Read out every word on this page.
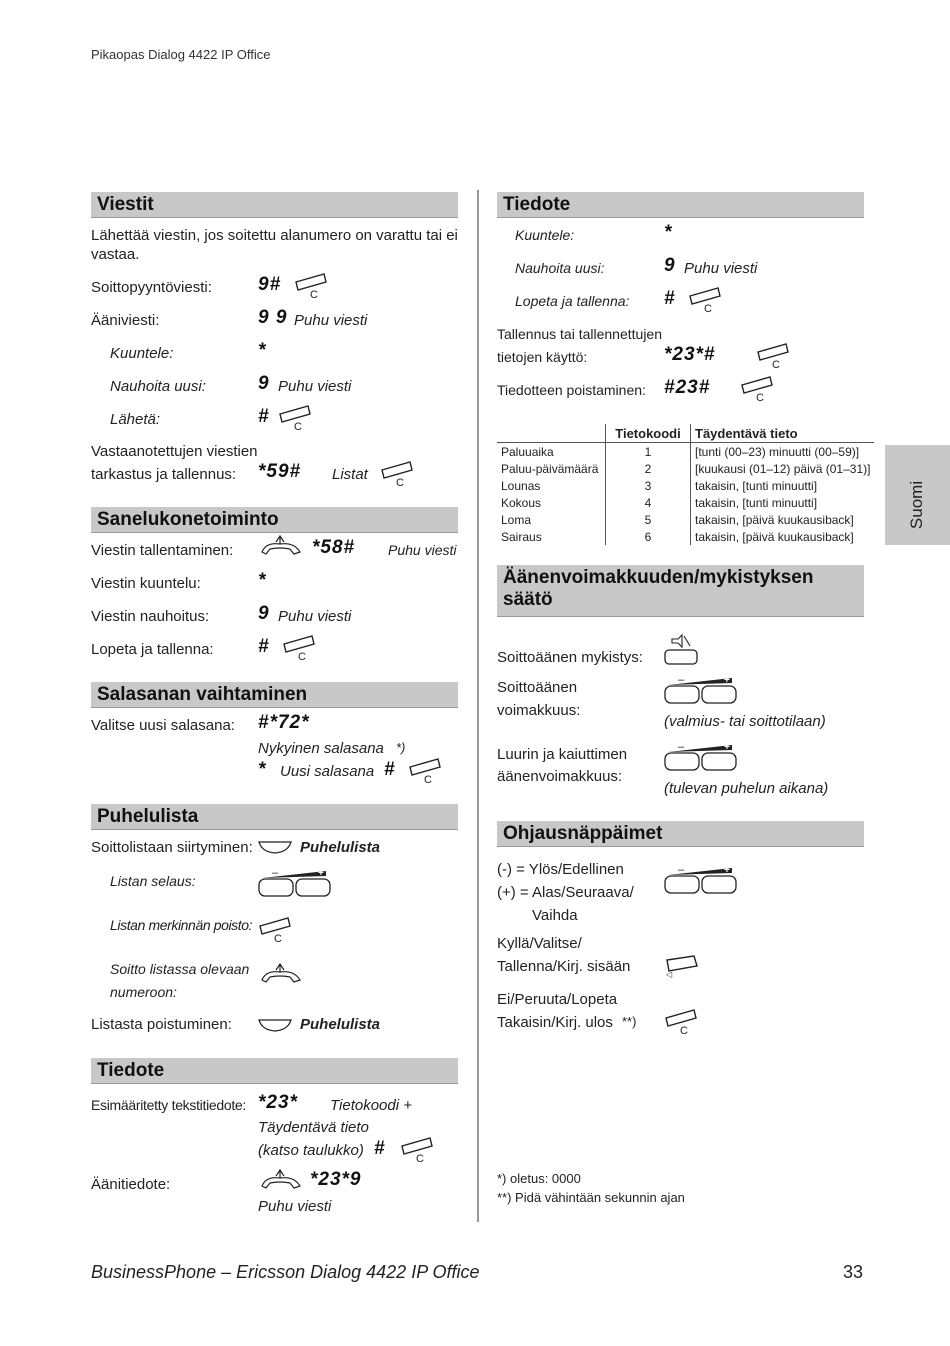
Pikaopas Dialog 4422 IP Office
Viestit
Lähettää viestin, jos soitettu alanumero on varattu tai ei
vastaa.
Soittopyyntöviesti: 9#	C
Ääniviesti:	9 9 Puhu viesti
Kuuntele:	*
Nauhoita uusi:	9 Puhu viesti
Lähetä:	# C
Vastaanotettujen viestien
tarkastus ja tallennus: *59# Listat	C
Sanelukonetoiminto
Viestin tallentaminen:	*58# Puhu viesti
Viestin kuuntelu:	*
Viestin nauhoitus:	9 Puhu viesti
Lopeta ja tallenna: #	C
Salasanan vaihtaminen
Valitse uusi salasana: #*72*
Nykyinen salasana *)
* Uusi salasana #	C
Puhelulista
Soittolistaan siirtyminen:	Puhelulista
Listan selaus:	–	+
Listan merkinnän poisto:
C
Soitto listassa olevaan
numeroon:
Listasta poistuminen:	Puhelulista
Tiedote
Esimääritetty tekstitiedote: *23* Tietokoodi +
Täydentävä tieto
(katso taulukko) #	C
Äänitiedote:	*23*9
Puhu viesti
Tiedote
Kuuntele:	*
Nauhoita uusi:	9 Puhu viesti
Lopeta ja tallenna: #	C
Tallennus tai tallennettujen
tietojen käyttö:	*23*#	C
Tiedotteen poistaminen: #23#	C
	Tietokoodi	Täydentävä tieto
Paluuaika	1	[tunti (00–23) minuutti (00–59)]
Paluu-päivämäärä	2	[kuukausi (01–12) päivä (01–31)]
Lounas	3	takaisin, [tunti minuutti]
Kokous	4	takaisin, [tunti minuutti]
Loma	5	takaisin, [päivä kuukausiback]
Sairaus	6	takaisin, [päivä kuukausiback]
Äänenvoimakkuuden/mykistyksen
säätö
Soittoäänen mykistys:
Soittoäänen
voimakkuus:
–	+
(valmius- tai soittotilaan)
Luurin ja kaiuttimen
äänenvoimakkuus:
–	+
(tulevan puhelun aikana)
Ohjausnäppäimet
(-) = Ylös/Edellinen
(+) = Alas/Seuraava/
Vaihda
–	+
Kyllä/Valitse/
Tallenna/Kirj. sisään	◁
Ei/Peruuta/Lopeta
Takaisin/Kirj. ulos **)
C
*) oletus: 0000
**) Pidä vähintään sekunnin ajan
Suomi
BusinessPhone – Ericsson Dialog 4422 IP Office	33
